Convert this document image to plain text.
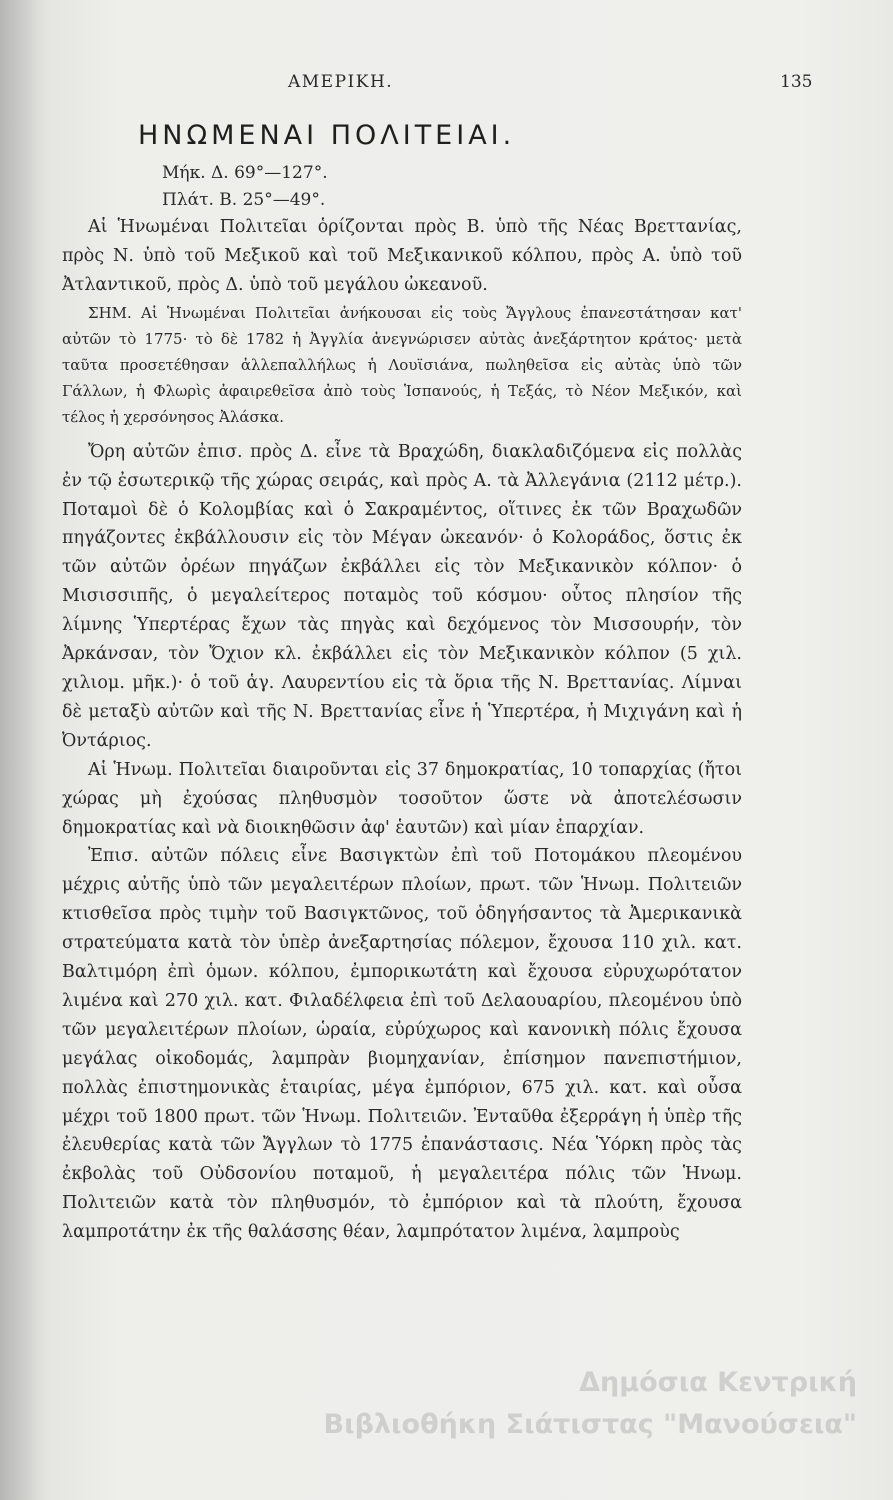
ΑΜΕΡΙΚΗ.	135
ΗΝΩΜΕΝΑΙ ΠΟΛΙΤΕΙΑΙ.
Μήκ. Δ. 69°—127°.
Πλάτ. Β. 25°—49°.

Αἱ Ἡνωμέναι Πολιτεῖαι ὁρίζονται πρὸς Β. ὑπὸ τῆς Νέας Βρεττανίας, πρὸς Ν. ὑπὸ τοῦ Μεξικοῦ καὶ τοῦ Μεξικανικοῦ κόλπου, πρὸς Α. ὑπὸ τοῦ Ἀτλαντικοῦ, πρὸς Δ. ὑπὸ τοῦ μεγάλου ὠκεανοῦ.

ΣΗΜ. Αἱ Ἡνωμέναι Πολιτεῖαι ἀνήκουσαι εἰς τοὺς Ἄγγλους ἐπανεστάτησαν κατ' αὐτῶν τὸ 1775· τὸ δὲ 1782 ἡ Ἀγγλία ἀνεγνώρισεν αὐτὰς ἀνεξάρτητον κράτος· μετὰ ταῦτα προσετέθησαν ἀλλεπαλλήλως ἡ Λουϊσιάνα, πωληθεῖσα εἰς αὐτὰς ὑπὸ τῶν Γάλλων, ἡ Φλωρὶς ἀφαιρεθεῖσα ἀπὸ τοὺς Ἱσπανούς, ἡ Τεξάς, τὸ Νέον Μεξικόν, καὶ τέλος ἡ χερσόνησος Ἀλάσκα.

Ὄρη αὐτῶν ἐπισ. πρὸς Δ. εἶνε τὰ Βραχώδη, διακλαδιζόμενα εἰς πολλὰς ἐν τῷ ἐσωτερικῷ τῆς χώρας σειράς, καὶ πρὸς Α. τὰ Ἀλλεγάνια (2112 μέτρ.). Ποταμοὶ δὲ ὁ Κολομβίας καὶ ὁ Σακραμέντος, οἵτινες ἐκ τῶν Βραχωδῶν πηγάζοντες ἐκβάλλουσιν εἰς τὸν Μέγαν ὠκεανόν· ὁ Κολοράδος, ὅστις ἐκ τῶν αὐτῶν ὀρέων πηγάζων ἐκβάλλει εἰς τὸν Μεξικανικὸν κόλπον· ὁ Μισισσιπῆς, ὁ μεγαλείτερος ποταμὸς τοῦ κόσμου· οὗτος πλησίον τῆς λίμνης Ὑπερτέρας ἔχων τὰς πηγὰς καὶ δεχόμενος τὸν Μισσουρήν, τὸν Ἀρκάνσαν, τὸν Ὄχιον κλ. ἐκβάλλει εἰς τὸν Μεξικανικὸν κόλπον (5 χιλ. χιλιομ. μῆκ.)· ὁ τοῦ ἁγ. Λαυρεντίου εἰς τὰ ὅρια τῆς Ν. Βρεττανίας. Λίμναι δὲ μεταξὺ αὐτῶν καὶ τῆς Ν. Βρεττανίας εἶνε ἡ Ὑπερτέρα, ἡ Μιχιγάνη καὶ ἡ Ὀντάριος.

Αἱ Ἡνωμ. Πολιτεῖαι διαιροῦνται εἰς 37 δημοκρατίας, 10 τοπαρχίας (ἤτοι χώρας μὴ ἐχούσας πληθυσμὸν τοσοῦτον ὥστε νὰ ἀποτελέσωσιν δημοκρατίας καὶ νὰ διοικηθῶσιν ἀφ' ἑαυτῶν) καὶ μίαν ἐπαρχίαν.

Ἐπισ. αὐτῶν πόλεις εἶνε Βασιγκτὼν ἐπὶ τοῦ Ποτομάκου πλεομένου μέχρις αὐτῆς ὑπὸ τῶν μεγαλειτέρων πλοίων, πρωτ. τῶν Ἡνωμ. Πολιτειῶν κτισθεῖσα πρὸς τιμὴν τοῦ Βασιγκτῶνος, τοῦ ὁδηγήσαντος τὰ Ἀμερικανικὰ στρατεύματα κατὰ τὸν ὑπὲρ ἀνεξαρτησίας πόλεμον, ἔχουσα 110 χιλ. κατ. Βαλτιμόρη ἐπὶ ὁμων. κόλπου, ἐμπορικωτάτη καὶ ἔχουσα εὐρυχωρότατον λιμένα καὶ 270 χιλ. κατ. Φιλαδέλφεια ἐπὶ τοῦ Δελαουαρίου, πλεομένου ὑπὸ τῶν μεγαλειτέρων πλοίων, ὡραία, εὐρύχωρος καὶ κανονικὴ πόλις ἔχουσα μεγάλας οἰκοδομάς, λαμπρὰν βιομηχανίαν, ἐπίσημον πανεπιστήμιον, πολλὰς ἐπιστημονικὰς ἑταιρίας, μέγα ἐμπόριον, 675 χιλ. κατ. καὶ οὖσα μέχρι τοῦ 1800 πρωτ. τῶν Ἡνωμ. Πολιτειῶν. Ἐνταῦθα ἐξερράγη ἡ ὑπὲρ τῆς ἐλευθερίας κατὰ τῶν Ἄγγλων τὸ 1775 ἐπανάστασις. Νέα Ὑόρκη πρὸς τὰς ἐκβολὰς τοῦ Οὐδσονίου ποταμοῦ, ἡ μεγαλειτέρα πόλις τῶν Ἡνωμ. Πολιτειῶν κατὰ τὸν πληθυσμόν, τὸ ἐμπόριον καὶ τὰ πλούτη, ἔχουσα λαμπροτάτην ἐκ τῆς θαλάσσης θέαν, λαμπρότατον λιμένα, λαμπροὺς

Δημόσια Κεντρική
Βιβλιοθήκη Σιάτιστας "Μανούσεια"
